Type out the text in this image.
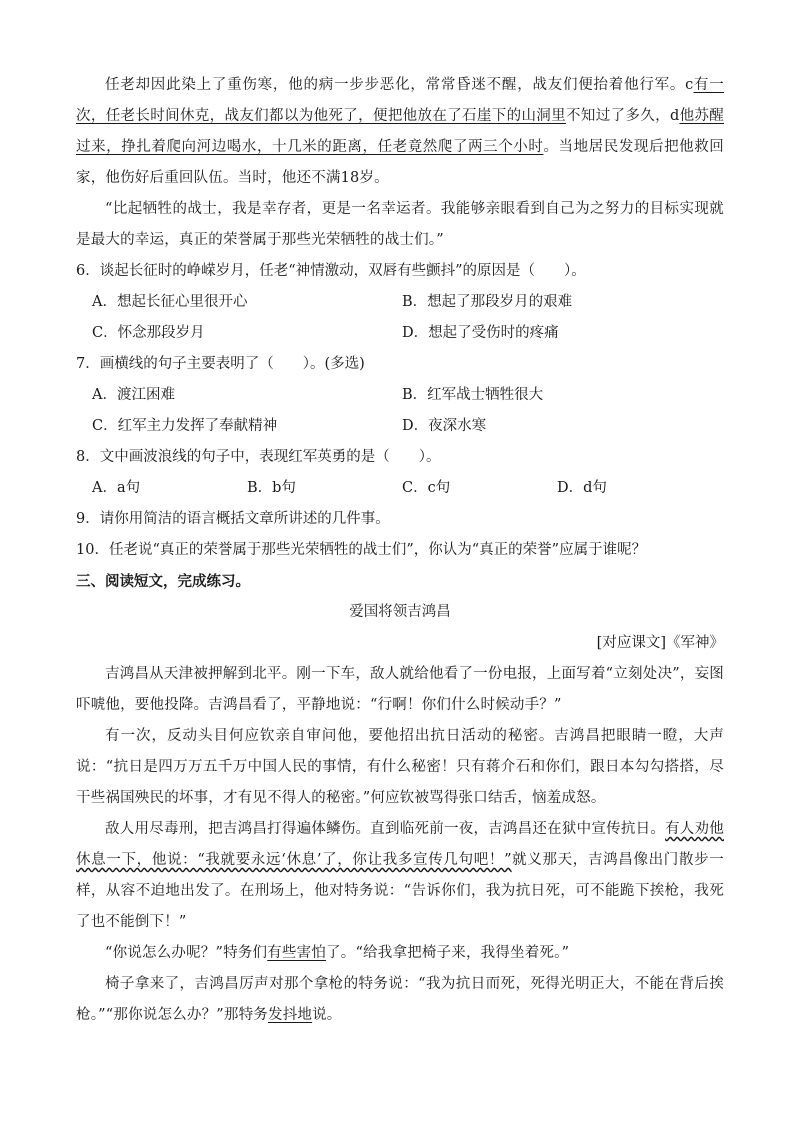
任老却因此染上了重伤寒，他的病一步步恶化，常常昏迷不醒，战友们便抬着他行军。c有一次，任老长时间休克，战友们都以为他死了，便把他放在了石崖下的山洞里不知过了多久，d他苏醒过来，挣扎着爬向河边喝水，十几米的距离，任老竟然爬了两三个小时。当地居民发现后把他救回家，他伤好后重回队伍。当时，他还不满18岁。

“比起牺牲的战士，我是幸存者，更是一名幸运者。我能够亲眼看到自己为之努力的目标实现就是最大的幸运，真正的荣誉属于那些光荣牺牲的战士们。”

6．谈起长征时的峥嵘岁月，任老“神情激动，双唇有些颤抖”的原因是（　　）。

A．想起长征心里很开心	B．想起了那段岁月的艰难
C．怀念那段岁月	D．想起了受伤时的疼痛

7．画横线的句子主要表明了（　　）。(多选)

A．渡江困难	B．红军战士牺牲很大
C．红军主力发挥了奉献精神	D．夜深水寒

8．文中画波浪线的句子中，表现红军英勇的是（　　）。

A．a句	B．b句	C．c句	D．d句

9．请你用简洁的语言概括文章所讲述的几件事。

10．任老说“真正的荣誉属于那些光荣牺牲的战士们”，你认为“真正的荣誉”应属于谁呢？

三、阅读短文，完成练习。

爱国将领吉鸿昌

[对应课文]《军神》

吉鸿昌从天津被押解到北平。刚一下车，敌人就给他看了一份电报，上面写着“立刻处决”，妄图吓唬他，要他投降。吉鸿昌看了，平静地说：“行啊！你们什么时候动手？”

有一次，反动头目何应钦亲自审问他，要他招出抗日活动的秘密。吉鸿昌把眼睛一瞪，大声说：“抗日是四万万五千万中国人民的事情，有什么秘密！只有蒋介石和你们，跟日本勾勾搭搭，尽干些祸国殃民的坏事，才有见不得人的秘密。”何应钦被骂得张口结舌，恼羞成怒。

敌人用尽毒刑，把吉鸿昌打得遍体鳞伤。直到临死前一夜，吉鸿昌还在狱中宣传抗日。有人劝他休息一下，他说：“我就要永远‘休息’了，你让我多宣传几句吧！”就义那天，吉鸿昌像出门散步一样，从容不迫地出发了。在刑场上，他对特务说：“告诉你们，我为抗日死，可不能跪下挨枪，我死了也不能倒下！”

“你说怎么办呢？”特务们有些害怕了。“给我拿把椅子来，我得坐着死。”

椅子拿来了，吉鸿昌厉声对那个拿枪的特务说：“我为抗日而死，死得光明正大，不能在背后挨枪。”“那你说怎么办？”那特务发抖地说。
